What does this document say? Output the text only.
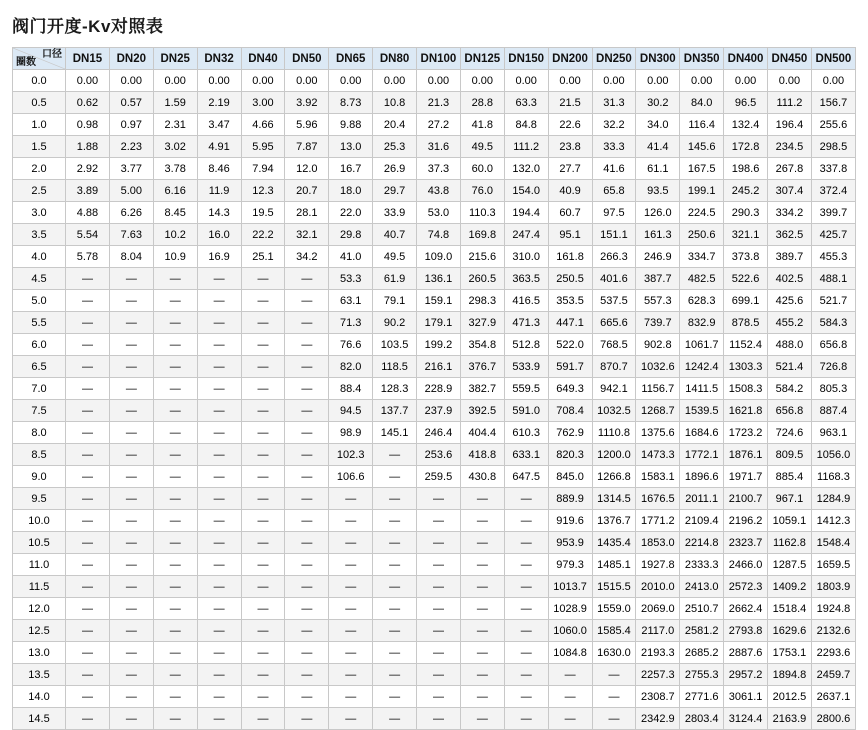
阀门开度-Kv对照表
口径
圈数	DN15	DN20	DN25	DN32	DN40	DN50	DN65	DN80	DN100	DN125	DN150	DN200	DN250	DN300	DN350	DN400	DN450	DN500
0.0	0.00	0.00	0.00	0.00	0.00	0.00	0.00	0.00	0.00	0.00	0.00	0.00	0.00	0.00	0.00	0.00	0.00	0.00
0.5	0.62	0.57	1.59	2.19	3.00	3.92	8.73	10.8	21.3	28.8	63.3	21.5	31.3	30.2	84.0	96.5	111.2	156.7
1.0	0.98	0.97	2.31	3.47	4.66	5.96	9.88	20.4	27.2	41.8	84.8	22.6	32.2	34.0	116.4	132.4	196.4	255.6
1.5	1.88	2.23	3.02	4.91	5.95	7.87	13.0	25.3	31.6	49.5	111.2	23.8	33.3	41.4	145.6	172.8	234.5	298.5
2.0	2.92	3.77	3.78	8.46	7.94	12.0	16.7	26.9	37.3	60.0	132.0	27.7	41.6	61.1	167.5	198.6	267.8	337.8
2.5	3.89	5.00	6.16	11.9	12.3	20.7	18.0	29.7	43.8	76.0	154.0	40.9	65.8	93.5	199.1	245.2	307.4	372.4
3.0	4.88	6.26	8.45	14.3	19.5	28.1	22.0	33.9	53.0	110.3	194.4	60.7	97.5	126.0	224.5	290.3	334.2	399.7
3.5	5.54	7.63	10.2	16.0	22.2	32.1	29.8	40.7	74.8	169.8	247.4	95.1	151.1	161.3	250.6	321.1	362.5	425.7
4.0	5.78	8.04	10.9	16.9	25.1	34.2	41.0	49.5	109.0	215.6	310.0	161.8	266.3	246.9	334.7	373.8	389.7	455.3
4.5	—	—	—	—	—	—	53.3	61.9	136.1	260.5	363.5	250.5	401.6	387.7	482.5	522.6	402.5	488.1
5.0	—	—	—	—	—	—	63.1	79.1	159.1	298.3	416.5	353.5	537.5	557.3	628.3	699.1	425.6	521.7
5.5	—	—	—	—	—	—	71.3	90.2	179.1	327.9	471.3	447.1	665.6	739.7	832.9	878.5	455.2	584.3
6.0	—	—	—	—	—	—	76.6	103.5	199.2	354.8	512.8	522.0	768.5	902.8	1061.7	1152.4	488.0	656.8
6.5	—	—	—	—	—	—	82.0	118.5	216.1	376.7	533.9	591.7	870.7	1032.6	1242.4	1303.3	521.4	726.8
7.0	—	—	—	—	—	—	88.4	128.3	228.9	382.7	559.5	649.3	942.1	1156.7	1411.5	1508.3	584.2	805.3
7.5	—	—	—	—	—	—	94.5	137.7	237.9	392.5	591.0	708.4	1032.5	1268.7	1539.5	1621.8	656.8	887.4
8.0	—	—	—	—	—	—	98.9	145.1	246.4	404.4	610.3	762.9	1110.8	1375.6	1684.6	1723.2	724.6	963.1
8.5	—	—	—	—	—	—	102.3	—	253.6	418.8	633.1	820.3	1200.0	1473.3	1772.1	1876.1	809.5	1056.0
9.0	—	—	—	—	—	—	106.6	—	259.5	430.8	647.5	845.0	1266.8	1583.1	1896.6	1971.7	885.4	1168.3
9.5	—	—	—	—	—	—	—	—	—	—	—	889.9	1314.5	1676.5	2011.1	2100.7	967.1	1284.9
10.0	—	—	—	—	—	—	—	—	—	—	—	919.6	1376.7	1771.2	2109.4	2196.2	1059.1	1412.3
10.5	—	—	—	—	—	—	—	—	—	—	—	953.9	1435.4	1853.0	2214.8	2323.7	1162.8	1548.4
11.0	—	—	—	—	—	—	—	—	—	—	—	979.3	1485.1	1927.8	2333.3	2466.0	1287.5	1659.5
11.5	—	—	—	—	—	—	—	—	—	—	—	1013.7	1515.5	2010.0	2413.0	2572.3	1409.2	1803.9
12.0	—	—	—	—	—	—	—	—	—	—	—	1028.9	1559.0	2069.0	2510.7	2662.4	1518.4	1924.8
12.5	—	—	—	—	—	—	—	—	—	—	—	1060.0	1585.4	2117.0	2581.2	2793.8	1629.6	2132.6
13.0	—	—	—	—	—	—	—	—	—	—	—	1084.8	1630.0	2193.3	2685.2	2887.6	1753.1	2293.6
13.5	—	—	—	—	—	—	—	—	—	—	—	—	—	2257.3	2755.3	2957.2	1894.8	2459.7
14.0	—	—	—	—	—	—	—	—	—	—	—	—	—	2308.7	2771.6	3061.1	2012.5	2637.1
14.5	—	—	—	—	—	—	—	—	—	—	—	—	—	2342.9	2803.4	3124.4	2163.9	2800.6
